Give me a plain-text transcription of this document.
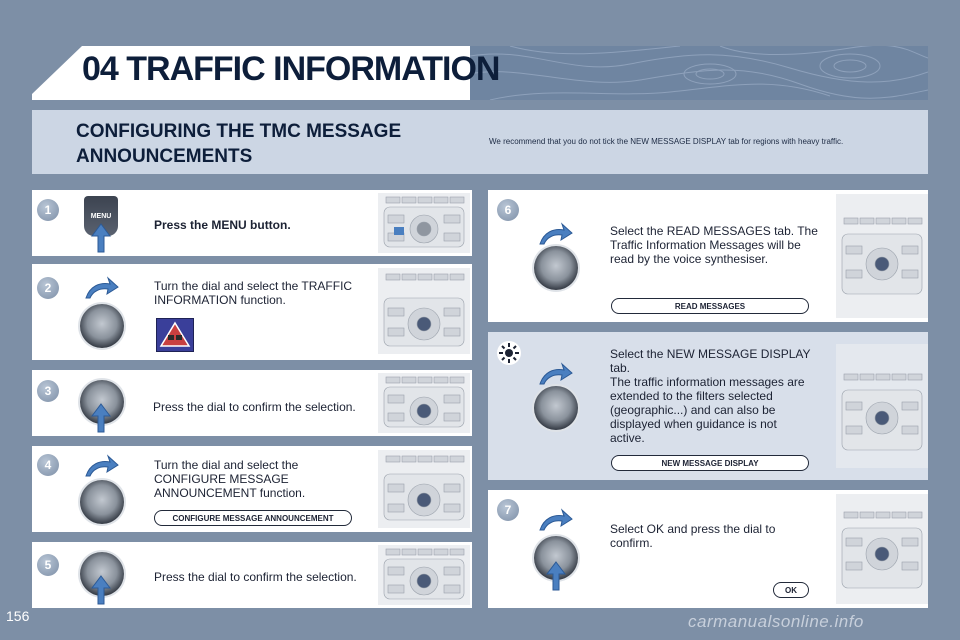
04 TRAFFIC INFORMATION
CONFIGURING THE TMC MESSAGE ANNOUNCEMENTS
We recommend that you do not tick the NEW MESSAGE DISPLAY tab for regions with heavy traffic.
1	MENU
Press the MENU button.
2	Turn the dial and select the TRAFFIC INFORMATION function.
3
Press the dial to confirm the selection.
4	Turn the dial and select the CONFIGURE MESSAGE ANNOUNCEMENT function.
CONFIGURE MESSAGE ANNOUNCEMENT
5
Press the dial to confirm the selection.
6
Select the READ MESSAGES tab. The Traffic Information Messages will be read by the voice synthesiser.
READ MESSAGES
Select the NEW MESSAGE DISPLAY tab.
The traffic information messages are extended to the filters selected (geographic...) and can also be displayed when guidance is not active.
NEW MESSAGE DISPLAY
7
Select OK and press the dial to confirm.
OK
156	carmanualsonline.info
